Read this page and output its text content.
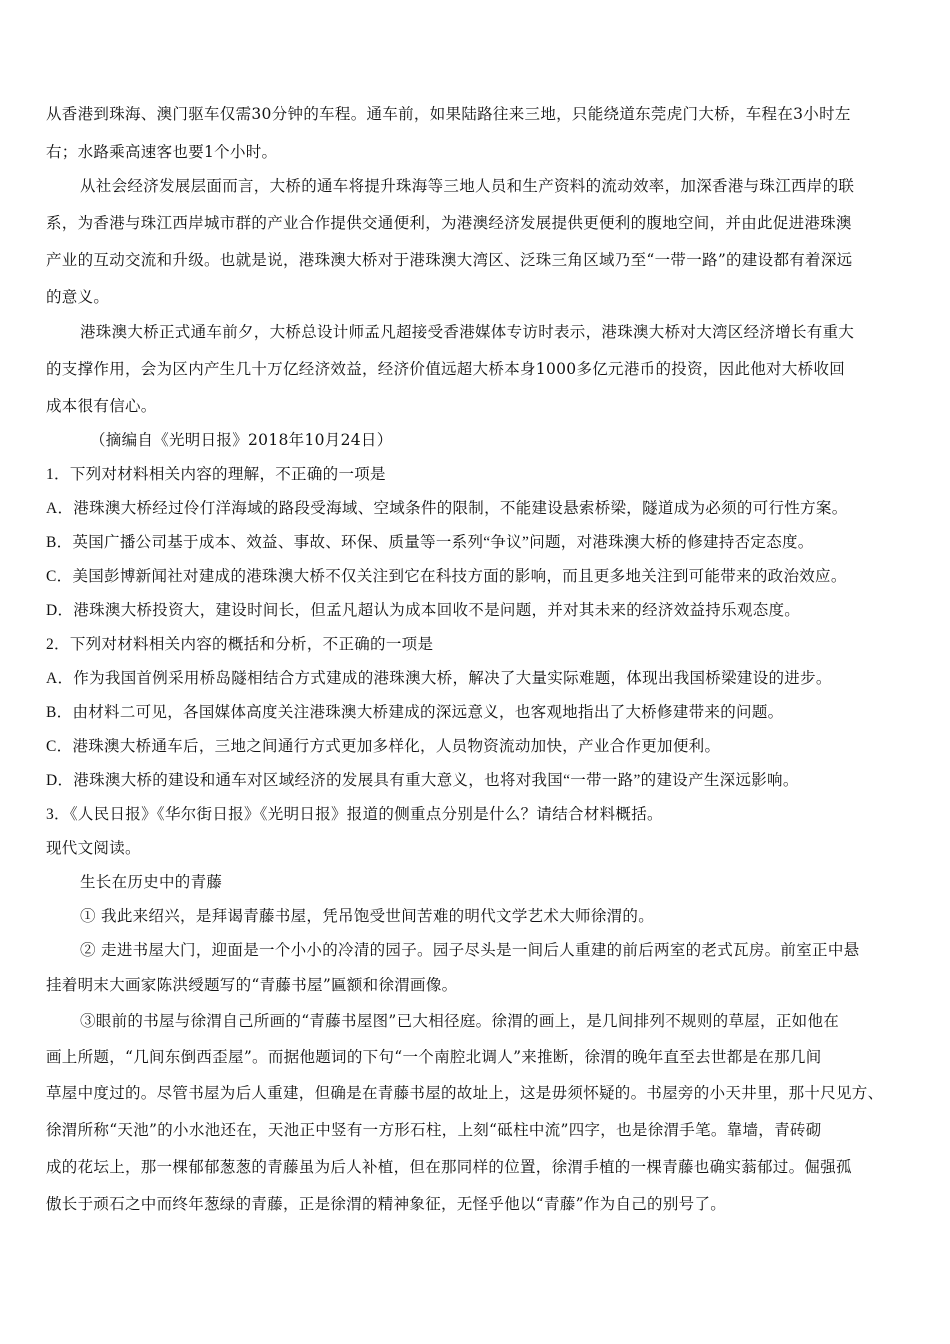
从香港到珠海、澳门驱车仅需30分钟的车程。通车前，如果陆路往来三地，只能绕道东莞虎门大桥，车程在3小时左
右；水路乘高速客也要1个小时。
从社会经济发展层面而言，大桥的通车将提升珠海等三地人员和生产资料的流动效率，加深香港与珠江西岸的联
系，为香港与珠江西岸城市群的产业合作提供交通便利，为港澳经济发展提供更便利的腹地空间，并由此促进港珠澳
产业的互动交流和升级。也就是说，港珠澳大桥对于港珠澳大湾区、泛珠三角区域乃至“一带一路”的建设都有着深远
的意义。
港珠澳大桥正式通车前夕，大桥总设计师孟凡超接受香港媒体专访时表示，港珠澳大桥对大湾区经济增长有重大
的支撑作用，会为区内产生几十万亿经济效益，经济价值远超大桥本身1000多亿元港币的投资，因此他对大桥收回
成本很有信心。
（摘编自《光明日报》2018年10月24日）
1．下列对材料相关内容的理解，不正确的一项是
A．港珠澳大桥经过伶仃洋海域的路段受海域、空域条件的限制，不能建设悬索桥梁，隧道成为必须的可行性方案。
B．英国广播公司基于成本、效益、事故、环保、质量等一系列“争议”问题，对港珠澳大桥的修建持否定态度。
C．美国彭博新闻社对建成的港珠澳大桥不仅关注到它在科技方面的影响，而且更多地关注到可能带来的政治效应。
D．港珠澳大桥投资大，建设时间长，但孟凡超认为成本回收不是问题，并对其未来的经济效益持乐观态度。
2．下列对材料相关内容的概括和分析，不正确的一项是
A．作为我国首例采用桥岛隧相结合方式建成的港珠澳大桥，解决了大量实际难题，体现出我国桥梁建设的进步。
B．由材料二可见，各国媒体高度关注港珠澳大桥建成的深远意义，也客观地指出了大桥修建带来的问题。
C．港珠澳大桥通车后，三地之间通行方式更加多样化，人员物资流动加快，产业合作更加便利。
D．港珠澳大桥的建设和通车对区域经济的发展具有重大意义，也将对我国“一带一路”的建设产生深远影响。
3．《人民日报》《华尔街日报》《光明日报》报道的侧重点分别是什么？请结合材料概括。
现代文阅读。
生长在历史中的青藤
① 我此来绍兴，是拜谒青藤书屋，凭吊饱受世间苦难的明代文学艺术大师徐渭的。
② 走进书屋大门，迎面是一个小小的冷清的园子。园子尽头是一间后人重建的前后两室的老式瓦房。前室正中悬
挂着明末大画家陈洪绶题写的“青藤书屋”匾额和徐渭画像。
③眼前的书屋与徐渭自己所画的“青藤书屋图”已大相径庭。徐渭的画上，是几间排列不规则的草屋，正如他在
画上所题，“几间东倒西歪屋”。而据他题词的下句“一个南腔北调人”来推断，徐渭的晚年直至去世都是在那几间
草屋中度过的。尽管书屋为后人重建，但确是在青藤书屋的故址上，这是毋须怀疑的。书屋旁的小天井里，那十尺见方、
徐渭所称“天池”的小水池还在，天池正中竖有一方形石柱，上刻“砥柱中流”四字，也是徐渭手笔。靠墙，青砖砌
成的花坛上，那一棵郁郁葱葱的青藤虽为后人补植，但在那同样的位置，徐渭手植的一棵青藤也确实蓊郁过。倔强孤
傲长于顽石之中而终年葱绿的青藤，正是徐渭的精神象征，无怪乎他以“青藤”作为自己的别号了。
